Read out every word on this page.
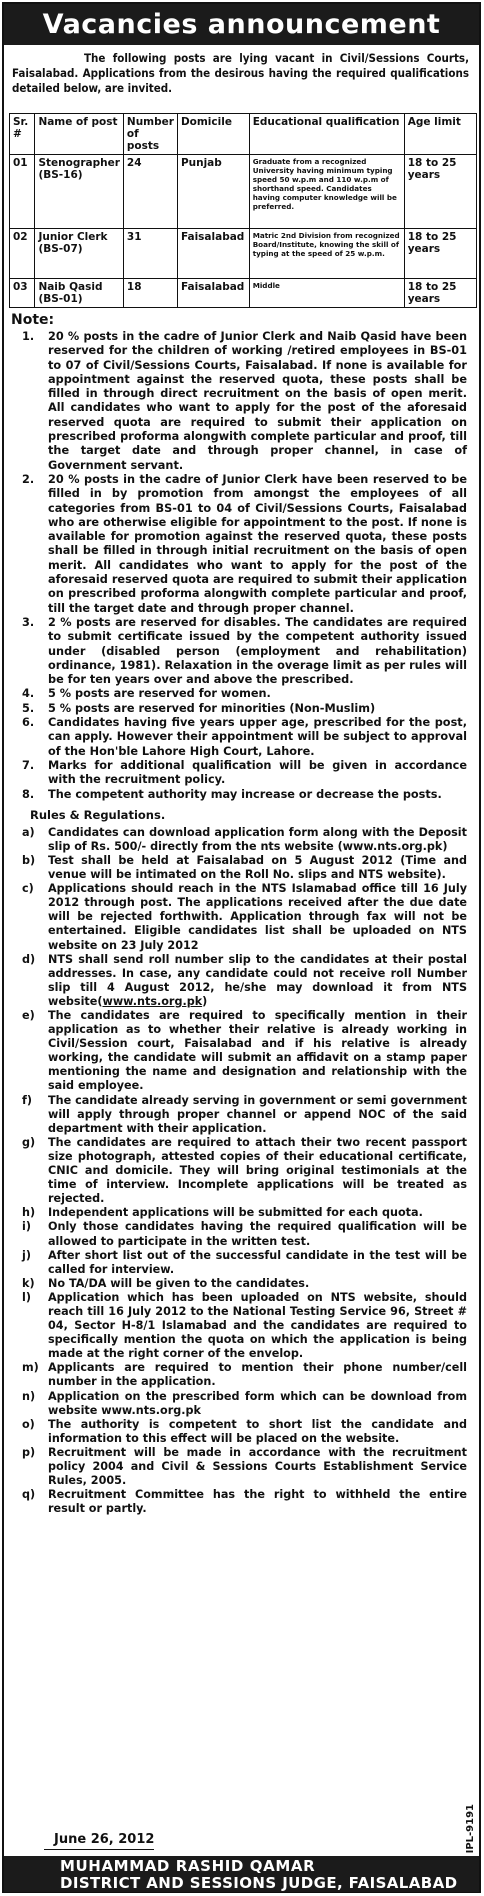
Vacancies announcement
The following posts are lying vacant in Civil/Sessions Courts, Faisalabad. Applications from the desirous having the required qualifications detailed below, are invited.
Sr. #	Name of post	Number of posts	Domicile	Educational qualification	Age limit
01	Stenographer (BS-16)	24	Punjab	Graduate from a recognized University having minimum typing speed 50 w.p.m and 110 w.p.m of shorthand speed. Candidates having computer knowledge will be preferred.	18 to 25 years
02	Junior Clerk (BS-07)	31	Faisalabad	Matric 2nd Division from recognized Board/Institute, knowing the skill of typing at the speed of 25 w.p.m.	18 to 25 years
03	Naib Qasid (BS-01)	18	Faisalabad	Middle	18 to 25 years
Note:
1. 20 % posts in the cadre of Junior Clerk and Naib Qasid have been reserved for the children of working /retired employees in BS-01 to 07 of Civil/Sessions Courts, Faisalabad. If none is available for appointment against the reserved quota, these posts shall be filled in through direct recruitment on the basis of open merit. All candidates who want to apply for the post of the aforesaid reserved quota are required to submit their application on prescribed proforma alongwith complete particular and proof, till the target date and through proper channel, in case of Government servant.
2. 20 % posts in the cadre of Junior Clerk have been reserved to be filled in by promotion from amongst the employees of all categories from BS-01 to 04 of Civil/Sessions Courts, Faisalabad who are otherwise eligible for appointment to the post. If none is available for promotion against the reserved quota, these posts shall be filled in through initial recruitment on the basis of open merit. All candidates who want to apply for the post of the aforesaid reserved quota are required to submit their application on prescribed proforma alongwith complete particular and proof, till the target date and through proper channel.
3. 2 % posts are reserved for disables. The candidates are required to submit certificate issued by the competent authority issued under (disabled person (employment and rehabilitation) ordinance, 1981). Relaxation in the overage limit as per rules will be for ten years over and above the prescribed.
4. 5 % posts are reserved for women.
5. 5 % posts are reserved for minorities (Non-Muslim)
6. Candidates having five years upper age, prescribed for the post, can apply. However their appointment will be subject to approval of the Hon'ble Lahore High Court, Lahore.
7. Marks for additional qualification will be given in accordance with the recruitment policy.
8. The competent authority may increase or decrease the posts.
Rules & Regulations.
a) Candidates can download application form along with the Deposit slip of Rs. 500/- directly from the nts website (www.nts.org.pk)
b) Test shall be held at Faisalabad on 5 August 2012 (Time and venue will be intimated on the Roll No. slips and NTS website).
c) Applications should reach in the NTS Islamabad office till 16 July 2012 through post. The applications received after the due date will be rejected forthwith. Application through fax will not be entertained. Eligible candidates list shall be uploaded on NTS website on 23 July 2012
d) NTS shall send roll number slip to the candidates at their postal addresses. In case, any candidate could not receive roll Number slip till 4 August 2012, he/she may download it from NTS website(www.nts.org.pk)
e) The candidates are required to specifically mention in their application as to whether their relative is already working in Civil/Session court, Faisalabad and if his relative is already working, the candidate will submit an affidavit on a stamp paper mentioning the name and designation and relationship with the said employee.
f) The candidate already serving in government or semi government will apply through proper channel or append NOC of the said department with their application.
g) The candidates are required to attach their two recent passport size photograph, attested copies of their educational certificate, CNIC and domicile. They will bring original testimonials at the time of interview. Incomplete applications will be treated as rejected.
h) Independent applications will be submitted for each quota.
i) Only those candidates having the required qualification will be allowed to participate in the written test.
j) After short list out of the successful candidate in the test will be called for interview.
k) No TA/DA will be given to the candidates.
l) Application which has been uploaded on NTS website, should reach till 16 July 2012 to the National Testing Service 96, Street # 04, Sector H-8/1 Islamabad and the candidates are required to specifically mention the quota on which the application is being made at the right corner of the envelop.
m) Applicants are required to mention their phone number/cell number in the application.
n) Application on the prescribed form which can be download from website www.nts.org.pk
o) The authority is competent to short list the candidate and information to this effect will be placed on the website.
p) Recruitment will be made in accordance with the recruitment policy 2004 and Civil & Sessions Courts Establishment Service Rules, 2005.
q) Recruitment Committee has the right to withheld the entire result or partly.
June 26, 2012	IPL-9191
MUHAMMAD RASHID QAMAR
DISTRICT AND SESSIONS JUDGE, FAISALABAD
